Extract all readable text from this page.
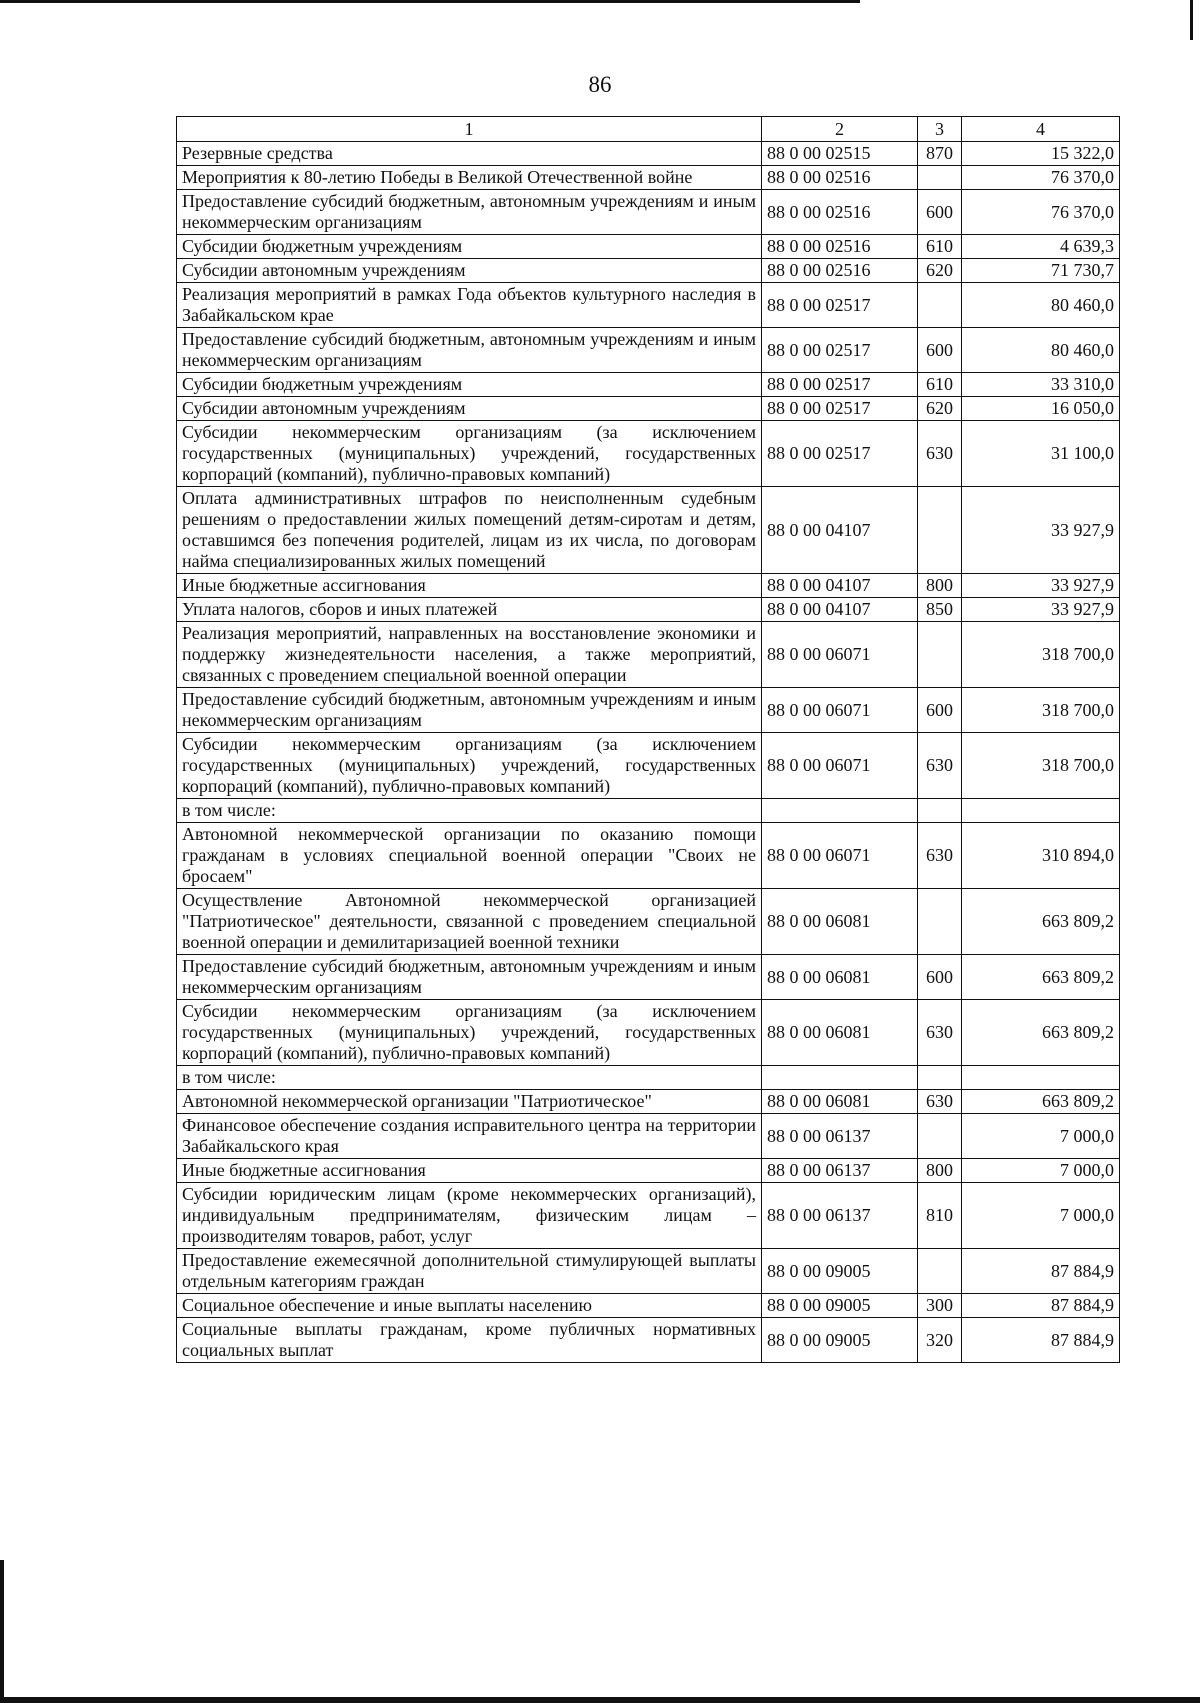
86
1	2	3	4
Резервные средства	88 0 00 02515	870	15 322,0
Мероприятия к 80-летию Победы в Великой Отечественной войне	88 0 00 02516		76 370,0
Предоставление субсидий бюджетным, автономным учреждениям и иным некоммерческим организациям	88 0 00 02516	600	76 370,0
Субсидии бюджетным учреждениям	88 0 00 02516	610	4 639,3
Субсидии автономным учреждениям	88 0 00 02516	620	71 730,7
Реализация мероприятий в рамках Года объектов культурного наследия в Забайкальском крае	88 0 00 02517		80 460,0
Предоставление субсидий бюджетным, автономным учреждениям и иным некоммерческим организациям	88 0 00 02517	600	80 460,0
Субсидии бюджетным учреждениям	88 0 00 02517	610	33 310,0
Субсидии автономным учреждениям	88 0 00 02517	620	16 050,0
Субсидии некоммерческим организациям (за исключением государственных (муниципальных) учреждений, государственных корпораций (компаний), публично-правовых компаний)	88 0 00 02517	630	31 100,0
Оплата административных штрафов по неисполненным судебным решениям о предоставлении жилых помещений детям-сиротам и детям, оставшимся без попечения родителей, лицам из их числа, по договорам найма специализированных жилых помещений	88 0 00 04107		33 927,9
Иные бюджетные ассигнования	88 0 00 04107	800	33 927,9
Уплата налогов, сборов и иных платежей	88 0 00 04107	850	33 927,9
Реализация мероприятий, направленных на восстановление экономики и поддержку жизнедеятельности населения, а также мероприятий, связанных с проведением специальной военной операции	88 0 00 06071		318 700,0
Предоставление субсидий бюджетным, автономным учреждениям и иным некоммерческим организациям	88 0 00 06071	600	318 700,0
Субсидии некоммерческим организациям (за исключением государственных (муниципальных) учреждений, государственных корпораций (компаний), публично-правовых компаний)	88 0 00 06071	630	318 700,0
в том числе:			
Автономной некоммерческой организации по оказанию помощи гражданам в условиях специальной военной операции "Своих не бросаем"	88 0 00 06071	630	310 894,0
Осуществление Автономной некоммерческой организацией "Патриотическое" деятельности, связанной с проведением специальной военной операции и демилитаризацией военной техники	88 0 00 06081		663 809,2
Предоставление субсидий бюджетным, автономным учреждениям и иным некоммерческим организациям	88 0 00 06081	600	663 809,2
Субсидии некоммерческим организациям (за исключением государственных (муниципальных) учреждений, государственных корпораций (компаний), публично-правовых компаний)	88 0 00 06081	630	663 809,2
в том числе:			
Автономной некоммерческой организации "Патриотическое"	88 0 00 06081	630	663 809,2
Финансовое обеспечение создания исправительного центра на территории Забайкальского края	88 0 00 06137		7 000,0
Иные бюджетные ассигнования	88 0 00 06137	800	7 000,0
Субсидии юридическим лицам (кроме некоммерческих организаций), индивидуальным предпринимателям, физическим лицам – производителям товаров, работ, услуг	88 0 00 06137	810	7 000,0
Предоставление ежемесячной дополнительной стимулирующей выплаты отдельным категориям граждан	88 0 00 09005		87 884,9
Социальное обеспечение и иные выплаты населению	88 0 00 09005	300	87 884,9
Социальные выплаты гражданам, кроме публичных нормативных социальных выплат	88 0 00 09005	320	87 884,9
